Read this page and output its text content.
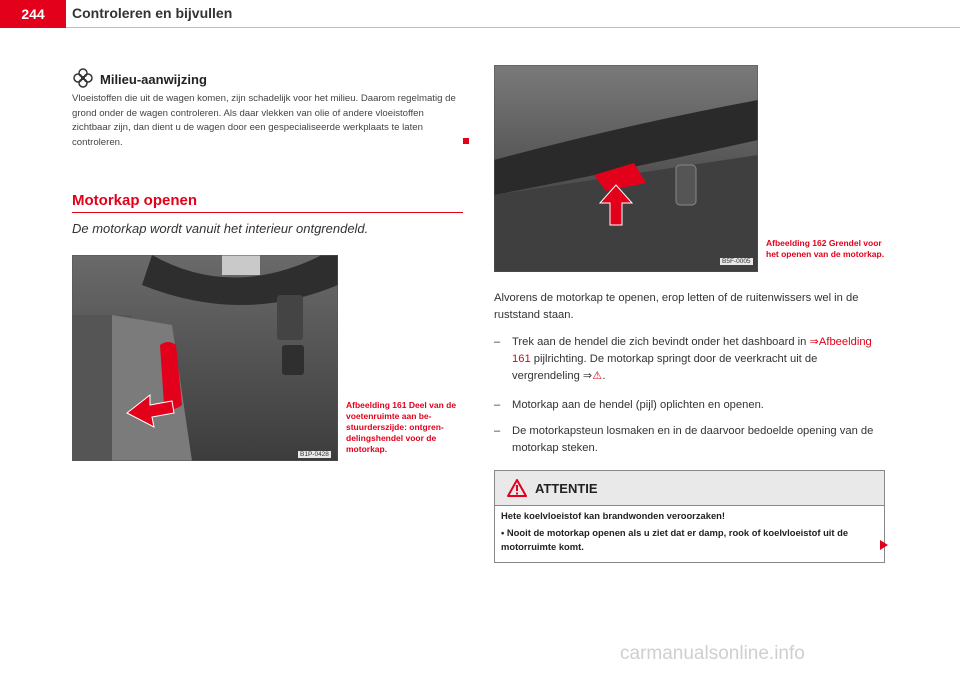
244	Controleren en bijvullen
Milieu-aanwijzing
Vloeistoffen die uit de wagen komen, zijn schadelijk voor het milieu. Daarom regelmatig de grond onder de wagen controleren. Als daar vlekken van olie of andere vloeistoffen zichtbaar zijn, dan dient u de wagen door een gespecialiseerde werkplaats te laten controleren.
Motorkap openen
De motorkap wordt vanuit het interieur ontgrendeld.
B1P-0428
Afbeelding 161 Deel van de voetenruimte aan be-stuurderszijde: ontgren-delingshendel voor de motorkap.
B5F-0005
Afbeelding 162 Grendel voor het openen van de motorkap.
Alvorens de motorkap te openen, erop letten of de ruitenwissers wel in de ruststand staan.
– Trek aan de hendel die zich bevindt onder het dashboard in ⇒Afbeelding 161 pijlrichting. De motorkap springt door de veerkracht uit de vergrendeling ⇒⚠.
– Motorkap aan de hendel (pijl) oplichten en openen.
– De motorkapsteun losmaken en in de daarvoor bedoelde opening van de motorkap steken.
ATTENTIE
Hete koelvloeistof kan brandwonden veroorzaken!
• Nooit de motorkap openen als u ziet dat er damp, rook of koelvloeistof uit de motorruimte komt.
carmanualsonline.info
